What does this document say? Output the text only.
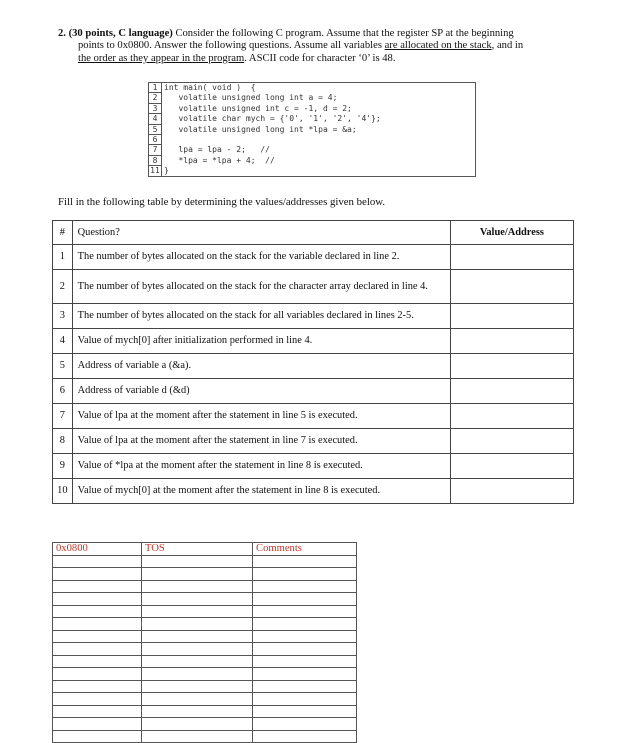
2. (30 points, C language) Consider the following C program. Assume that the register SP at the beginning
points to 0x0800. Answer the following questions. Assume all variables are allocated on the stack, and in
the order as they appear in the program. ASCII code for character ‘0’ is 48.
1	int main( void )  {
2	volatile unsigned long int a = 4;
3	volatile unsigned int c = -1, d = 2;
4	volatile char mych = {'0', '1', '2', '4'};
5	volatile unsigned long int *lpa = &a;
6	
7	lpa = lpa - 2;   //
8	*lpa = *lpa + 4;  //
11	}
Fill in the following table by determining the values/addresses given below.
#	Question?	Value/Address
1	The number of bytes allocated on the stack for the variable declared in line 2.	
2	The number of bytes allocated on the stack for the character array declared in line 4.	
3	The number of bytes allocated on the stack for all variables declared in lines 2-5.	
4	Value of mych[0] after initialization performed in line 4.	
5	Address of variable a (&a).	
6	Address of variable d (&d)	
7	Value of lpa at the moment after the statement in line 5 is executed.	
8	Value of lpa at the moment after the statement in line 7 is executed.	
9	Value of *lpa at the moment after the statement in line 8 is executed.	
10	Value of mych[0] at the moment after the statement in line 8 is executed.	
0x0800	TOS	Comments
